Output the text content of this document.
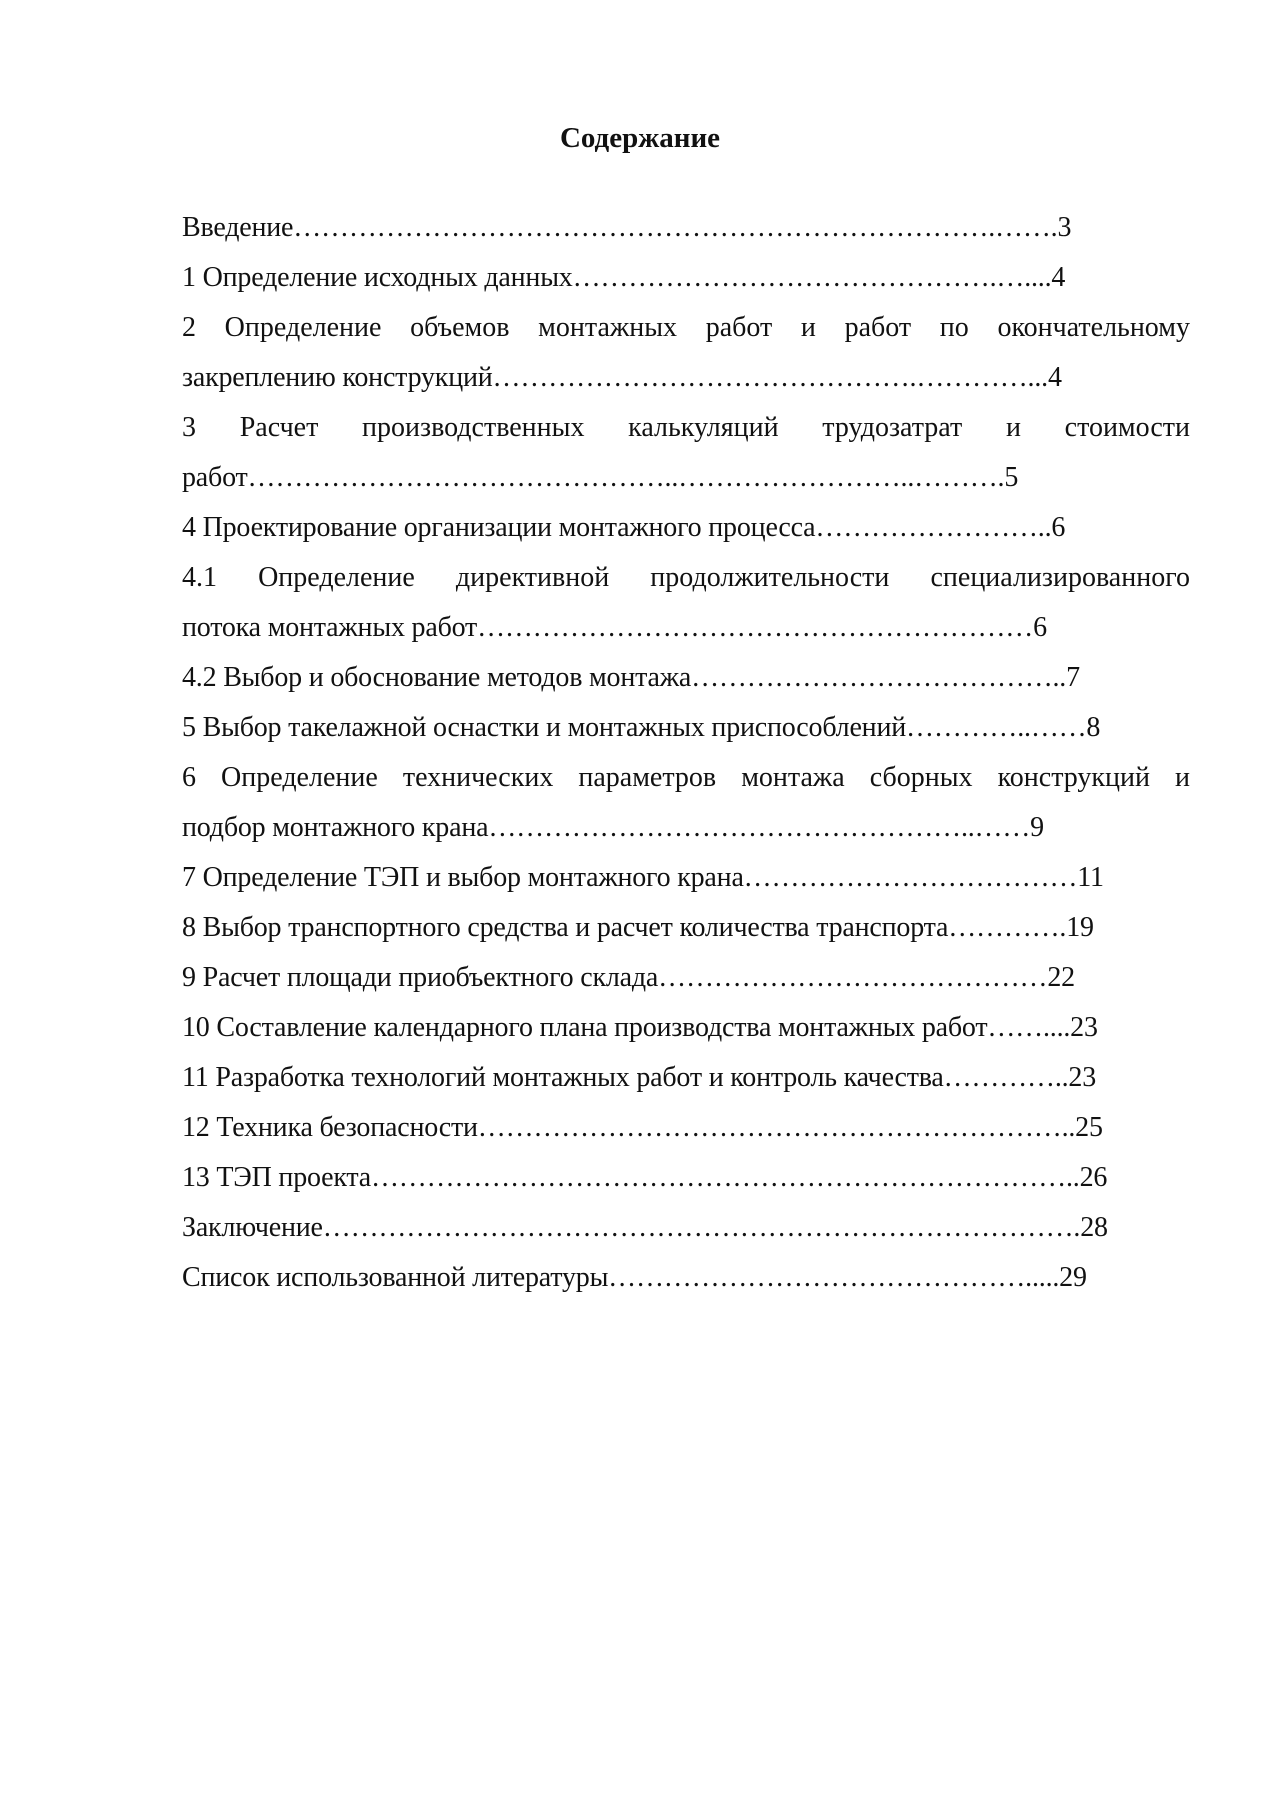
Содержание
Введение………………………………………………………………….…….3
1 Определение исходных данных……………………………………….…....4
2 Определение объемов монтажных работ и работ по окончательному
закреплению конструкций……………………………………….…………...4
3 Расчет производственных калькуляций трудозатрат и стоимости
работ………………………………………..……………………..……….5
4 Проектирование организации монтажного процесса……………………..6
4.1 Определение директивной продолжительности специализированного
потока монтажных работ……………………………………………………6
4.2 Выбор и обоснование методов монтажа…………………………………..7
5 Выбор такелажной оснастки и монтажных приспособлений…………..……8
6 Определение технических параметров монтажа сборных конструкций и
подбор монтажного крана……………………………………………..……9
7 Определение ТЭП и выбор монтажного крана………………………………11
8 Выбор транспортного средства и расчет количества транспорта………….19
9 Расчет площади приобъектного склада……………………………………22
10 Составление календарного плана производства монтажных работ……....23
11 Разработка технологий монтажных работ и контроль качества…………..23
12 Техника безопасности………………………………………………………..25
13 ТЭП проекта…………………………………………………………………..26
Заключение……………………………………………………………………….28
Список использованной литературы……………………………………….....29
